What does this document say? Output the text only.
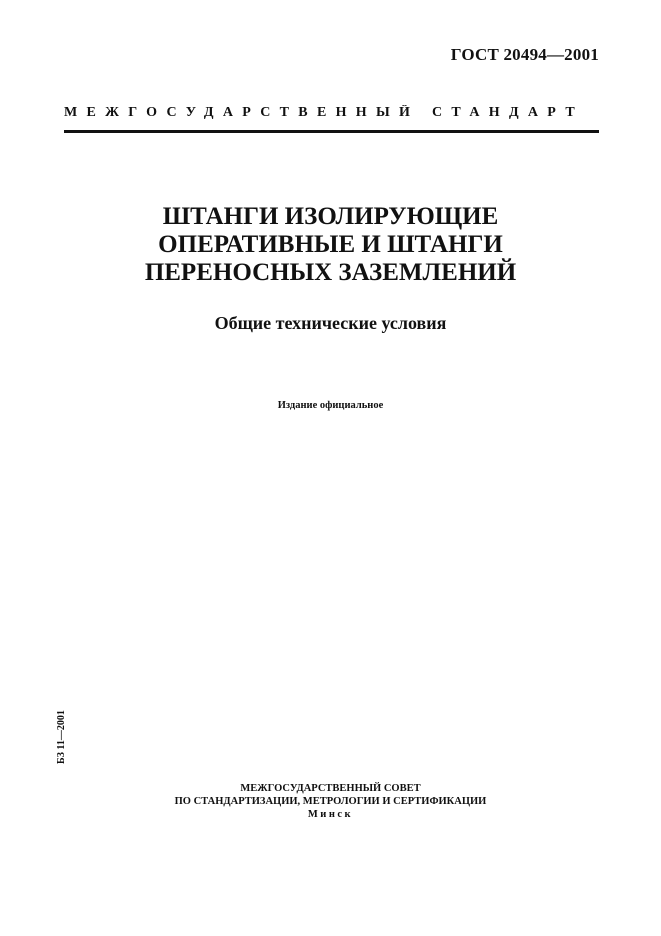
ГОСТ 20494—2001
МЕЖГОСУДАРСТВЕННЫЙ СТАНДАРТ
ШТАНГИ ИЗОЛИРУЮЩИЕ
ОПЕРАТИВНЫЕ И ШТАНГИ
ПЕРЕНОСНЫХ ЗАЗЕМЛЕНИЙ
Общие технические условия
Издание официальное
БЗ 11—2001
МЕЖГОСУДАРСТВЕННЫЙ СОВЕТ
ПО СТАНДАРТИЗАЦИИ, МЕТРОЛОГИИ И СЕРТИФИКАЦИИ
Минск
